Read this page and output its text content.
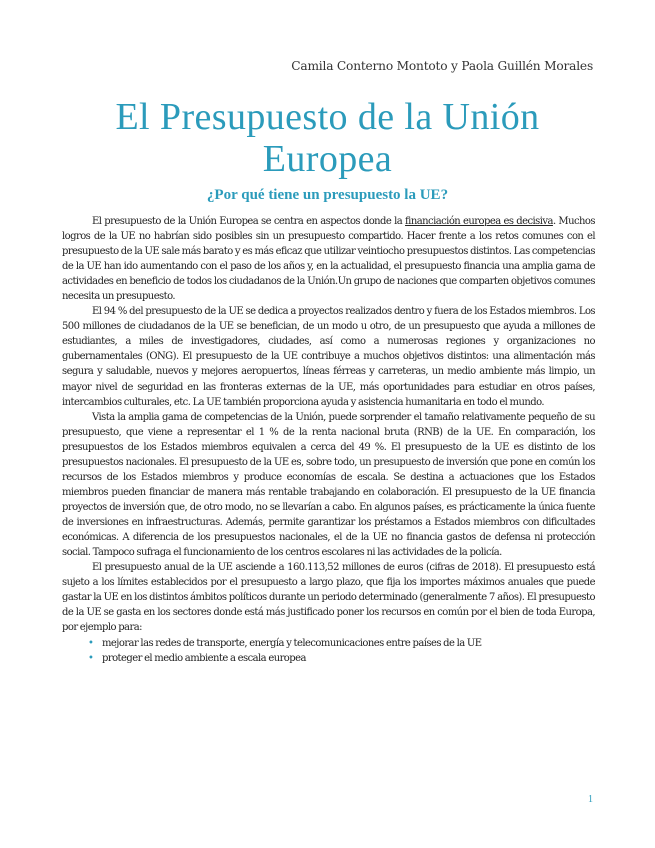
Camila Conterno Montoto y Paola Guillén Morales
El Presupuesto de la Unión Europea
¿Por qué tiene un presupuesto la UE?

El presupuesto de la Unión Europea se centra en aspectos donde la financiación europea es decisiva. Muchos logros de la UE no habrían sido posibles sin un presupuesto compartido. Hacer frente a los retos comunes con el presupuesto de la UE sale más barato y es más eficaz que utilizar veintiocho presupuestos distintos. Las competencias de la UE han ido aumentando con el paso de los años y, en la actualidad, el presupuesto financia una amplia gama de actividades en beneficio de todos los ciudadanos de la Unión.Un grupo de naciones que comparten objetivos comunes necesita un presupuesto.

El 94 % del presupuesto de la UE se dedica a proyectos realizados dentro y fuera de los Estados miembros. Los 500 millones de ciudadanos de la UE se benefician, de un modo u otro, de un presupuesto que ayuda a millones de estudiantes, a miles de investigadores, ciudades, así como a numerosas regiones y organizaciones no gubernamentales (ONG). El presupuesto de la UE contribuye a muchos objetivos distintos: una alimentación más segura y saludable, nuevos y mejores aeropuertos, líneas férreas y carreteras, un medio ambiente más limpio, un mayor nivel de seguridad en las fronteras externas de la UE, más oportunidades para estudiar en otros países, intercambios culturales, etc. La UE también proporciona ayuda y asistencia humanitaria en todo el mundo.

Vista la amplia gama de competencias de la Unión, puede sorprender el tamaño relativamente pequeño de su presupuesto, que viene a representar el 1 % de la renta nacional bruta (RNB) de la UE. En comparación, los presupuestos de los Estados miembros equivalen a cerca del 49 %. El presupuesto de la UE es distinto de los presupuestos nacionales. El presupuesto de la UE es, sobre todo, un presupuesto de inversión que pone en común los recursos de los Estados miembros y produce economías de escala. Se destina a actuaciones que los Estados miembros pueden financiar de manera más rentable trabajando en colaboración. El presupuesto de la UE financia proyectos de inversión que, de otro modo, no se llevarían a cabo. En algunos países, es prácticamente la única fuente de inversiones en infraestructuras. Además, permite garantizar los préstamos a Estados miembros con dificultades económicas. A diferencia de los presupuestos nacionales, el de la UE no financia gastos de defensa ni protección social. Tampoco sufraga el funcionamiento de los centros escolares ni las actividades de la policía.

El presupuesto anual de la UE asciende a 160.113,52 millones de euros (cifras de 2018). El presupuesto está sujeto a los límites establecidos por el presupuesto a largo plazo, que fija los importes máximos anuales que puede gastar la UE en los distintos ámbitos políticos durante un periodo determinado (generalmente 7 años). El presupuesto de la UE se gasta en los sectores donde está más justificado poner los recursos en común por el bien de toda Europa, por ejemplo para:

• mejorar las redes de transporte, energía y telecomunicaciones entre países de la UE
• proteger el medio ambiente a escala europea
1
